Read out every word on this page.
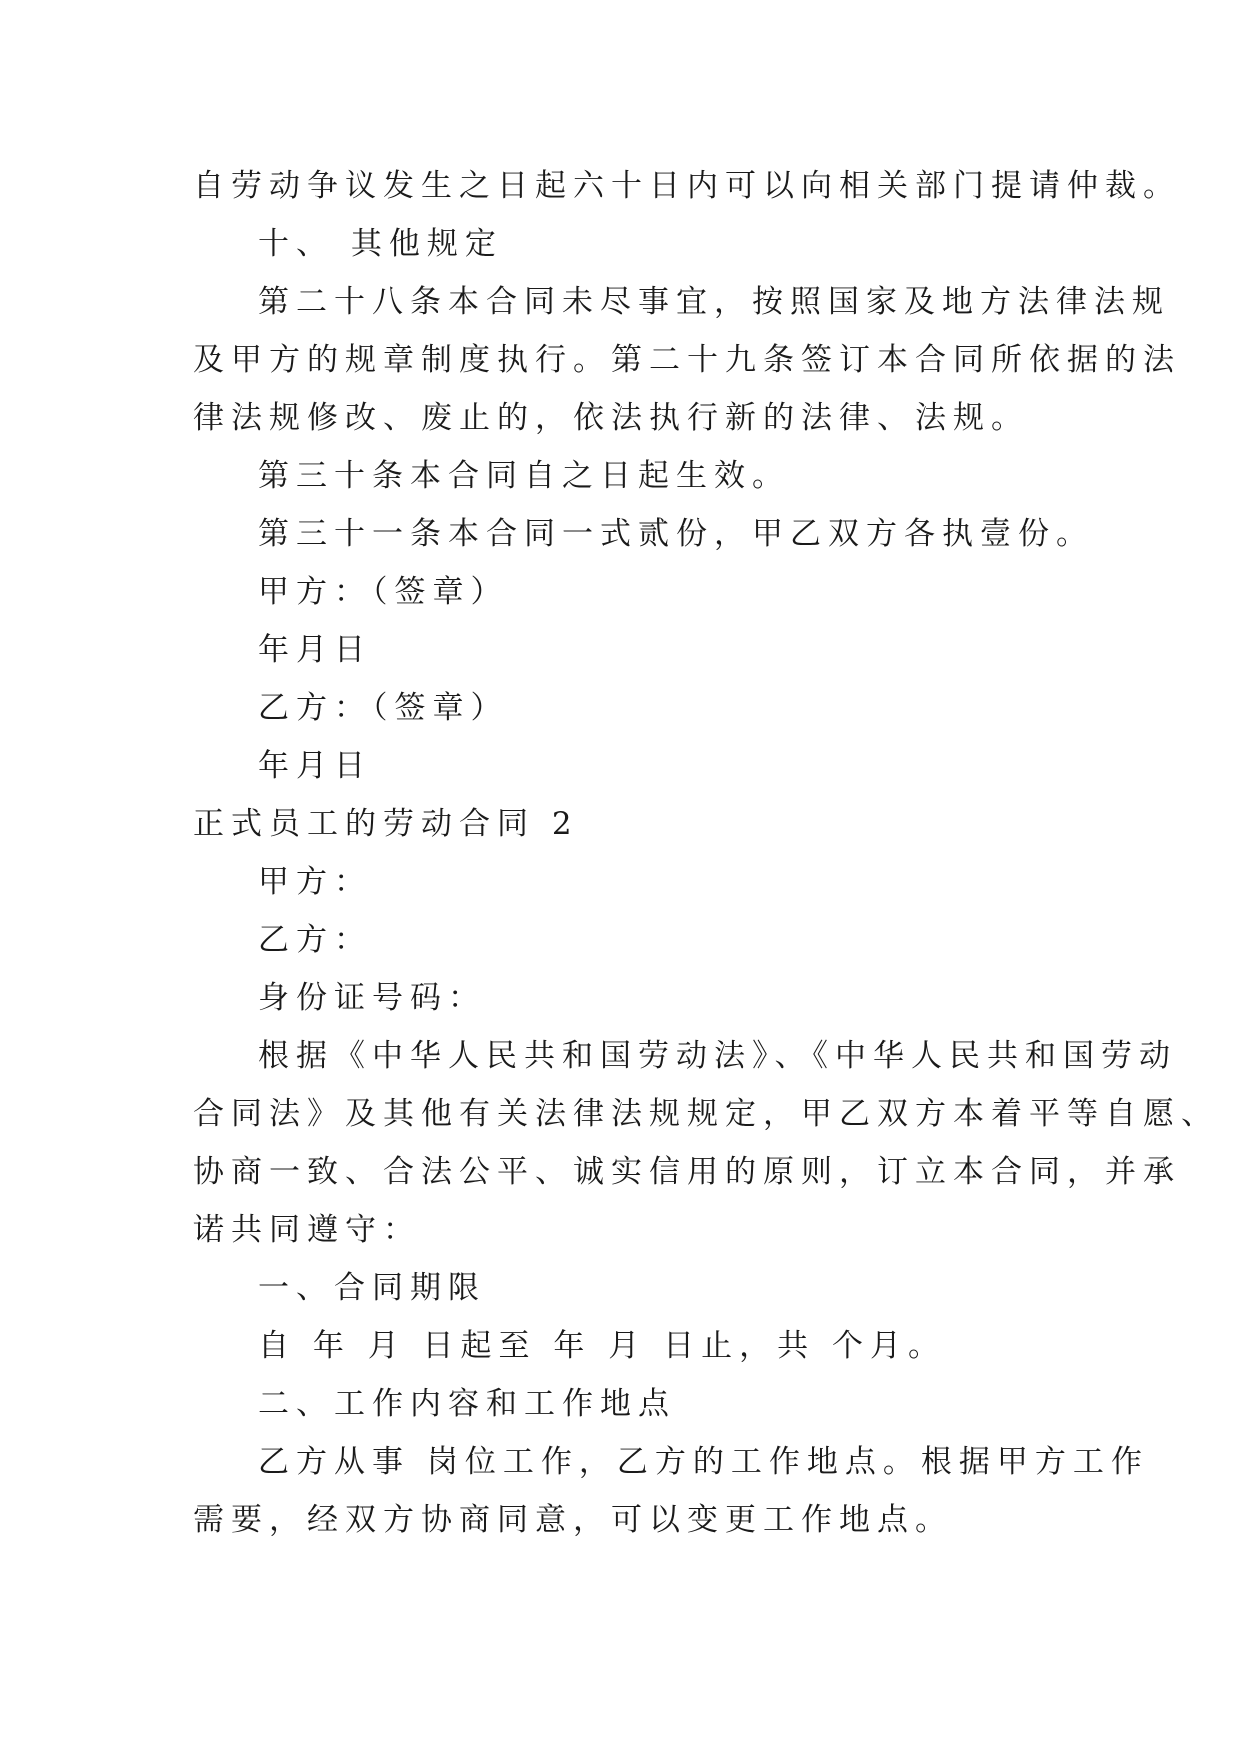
自劳动争议发生之日起六十日内可以向相关部门提请仲裁。
十、 其他规定
第二十八条本合同未尽事宜，按照国家及地方法律法规
及甲方的规章制度执行。第二十九条签订本合同所依据的法
律法规修改、废止的，依法执行新的法律、法规。
第三十条本合同自之日起生效。
第三十一条本合同一式贰份，甲乙双方各执壹份。
甲方：（签章）
年月日
乙方：（签章）
年月日
正式员工的劳动合同 2
甲方：
乙方：
身份证号码：
根据《中华人民共和国劳动法》、《中华人民共和国劳动
合同法》及其他有关法律法规规定，甲乙双方本着平等自愿、
协商一致、合法公平、诚实信用的原则，订立本合同，并承
诺共同遵守：
一、合同期限
自 年 月 日起至 年 月 日止，共 个月。
二、工作内容和工作地点
乙方从事 岗位工作，乙方的工作地点。根据甲方工作
需要，经双方协商同意，可以变更工作地点。
